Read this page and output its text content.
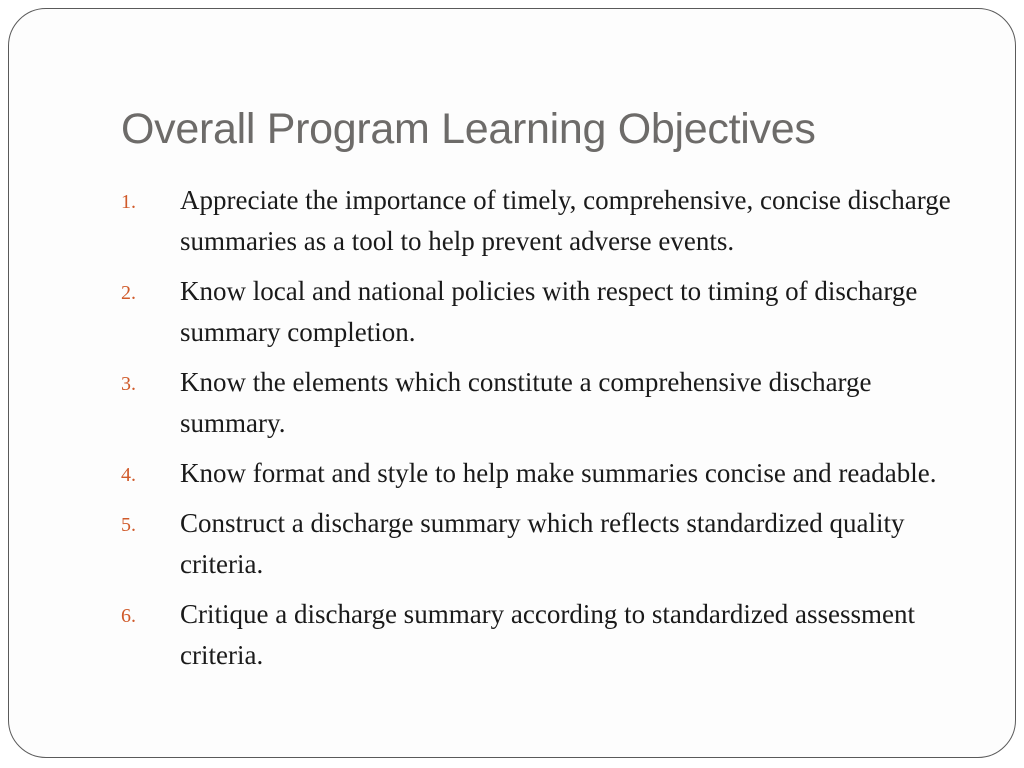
Overall Program Learning Objectives
1. Appreciate the importance of timely, comprehensive, concise discharge summaries as a tool to help prevent adverse events.
2. Know local and national policies with respect to timing of discharge summary completion.
3. Know the elements which constitute a comprehensive discharge summary.
4. Know format and style to help make summaries concise and readable.
5. Construct a discharge summary which reflects standardized quality criteria.
6. Critique a discharge summary according to standardized assessment criteria.
